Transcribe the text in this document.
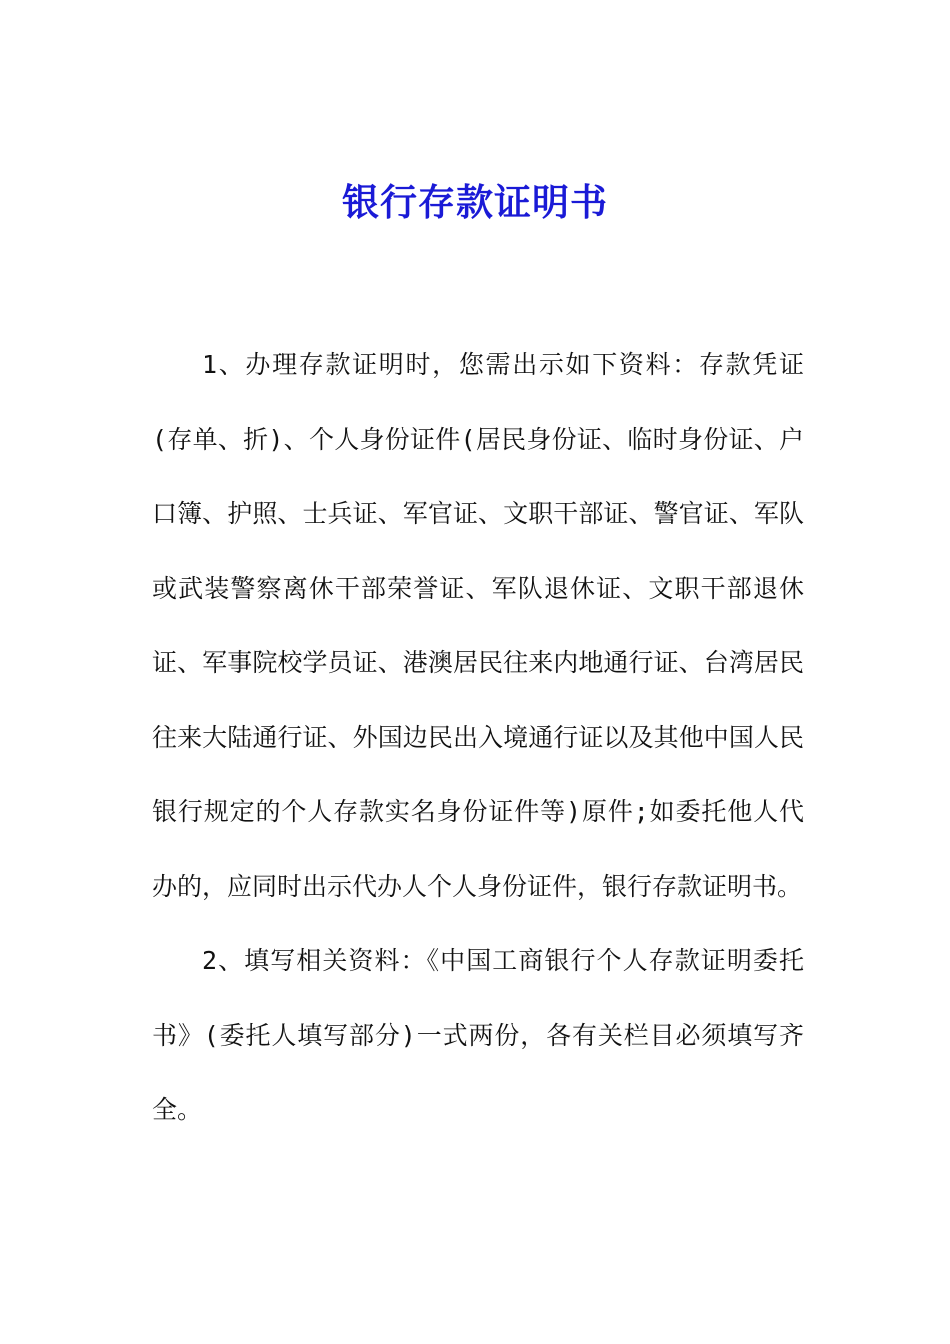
银行存款证明书

1、办理存款证明时，您需出示如下资料：存款凭证(存单、折)、个人身份证件(居民身份证、临时身份证、户口簿、护照、士兵证、军官证、文职干部证、警官证、军队或武装警察离休干部荣誉证、军队退休证、文职干部退休证、军事院校学员证、港澳居民往来内地通行证、台湾居民往来大陆通行证、外国边民出入境通行证以及其他中国人民银行规定的个人存款实名身份证件等)原件;如委托他人代办的，应同时出示代办人个人身份证件，银行存款证明书。

2、填写相关资料：《中国工商银行个人存款证明委托书》(委托人填写部分)一式两份，各有关栏目必须填写齐全。
